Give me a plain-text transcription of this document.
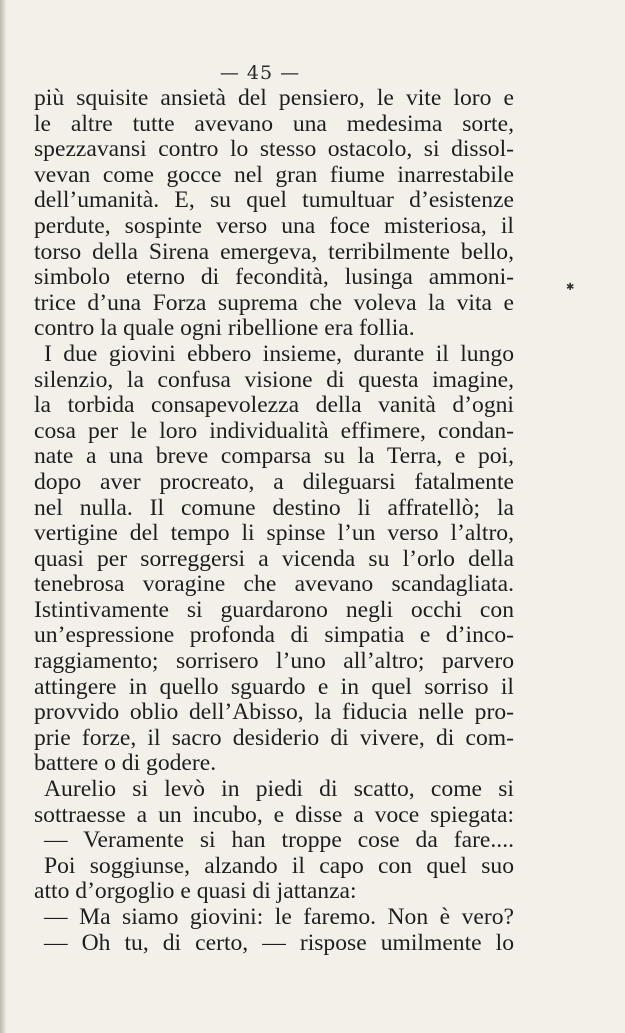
— 45 —
più squisite ansietà del pensiero, le vite loro e
le altre tutte avevano una medesima sorte,
spezzavansi contro lo stesso ostacolo, si dissol-
vevan come gocce nel gran fiume inarrestabile
dell’umanità. E, su quel tumultuar d’esistenze
perdute, sospinte verso una foce misteriosa, il
torso della Sirena emergeva, terribilmente bello,
simbolo eterno di fecondità, lusinga ammoni-
trice d’una Forza suprema che voleva la vita e
contro la quale ogni ribellione era follia.
I due giovini ebbero insieme, durante il lungo
silenzio, la confusa visione di questa imagine,
la torbida consapevolezza della vanità d’ogni
cosa per le loro individualità effimere, condan-
nate a una breve comparsa su la Terra, e poi,
dopo aver procreato, a dileguarsi fatalmente
nel nulla. Il comune destino li affratellò; la
vertigine del tempo li spinse l’un verso l’altro,
quasi per sorreggersi a vicenda su l’orlo della
tenebrosa voragine che avevano scandagliata.
Istintivamente si guardarono negli occhi con
un’espressione profonda di simpatia e d’inco-
raggiamento; sorrisero l’uno all’altro; parvero
attingere in quello sguardo e in quel sorriso il
provvido oblio dell’Abisso, la fiducia nelle pro-
prie forze, il sacro desiderio di vivere, di com-
battere o di godere.
Aurelio si levò in piedi di scatto, come si
sottraesse a un incubo, e disse a voce spiegata:
— Veramente si han troppe cose da fare....
Poi soggiunse, alzando il capo con quel suo
atto d’orgoglio e quasi di jattanza:
— Ma siamo giovini: le faremo. Non è vero?
— Oh tu, di certo, — rispose umilmente lo
✱
